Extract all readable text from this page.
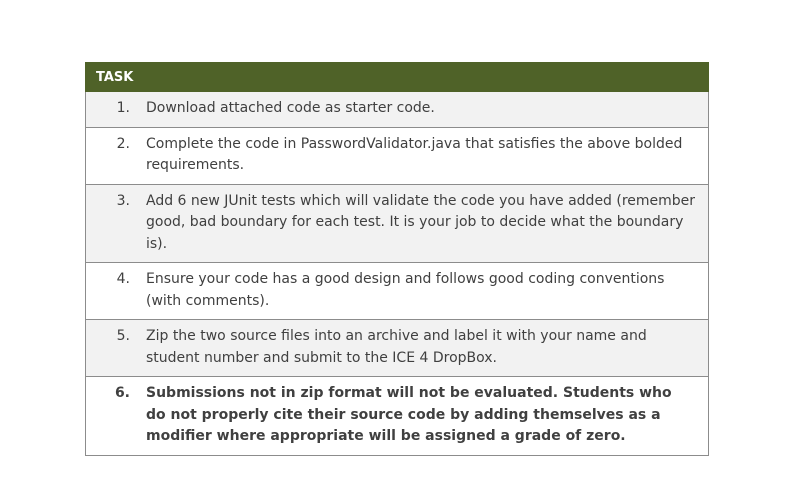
TASK

1.	Download attached code as starter code.

2.	Complete the code in PasswordValidator.java that satisfies the above bolded requirements.

3.	Add 6 new JUnit tests which will validate the code you have added (remember good, bad boundary for each test. It is your job to decide what the boundary is).

4.	Ensure your code has a good design and follows good coding conventions (with comments).

5.	Zip the two source files into an archive and label it with your name and student number and submit to the ICE 4 DropBox.

6.	Submissions not in zip format will not be evaluated. Students who do not properly cite their source code by adding themselves as a modifier where appropriate will be assigned a grade of zero.
